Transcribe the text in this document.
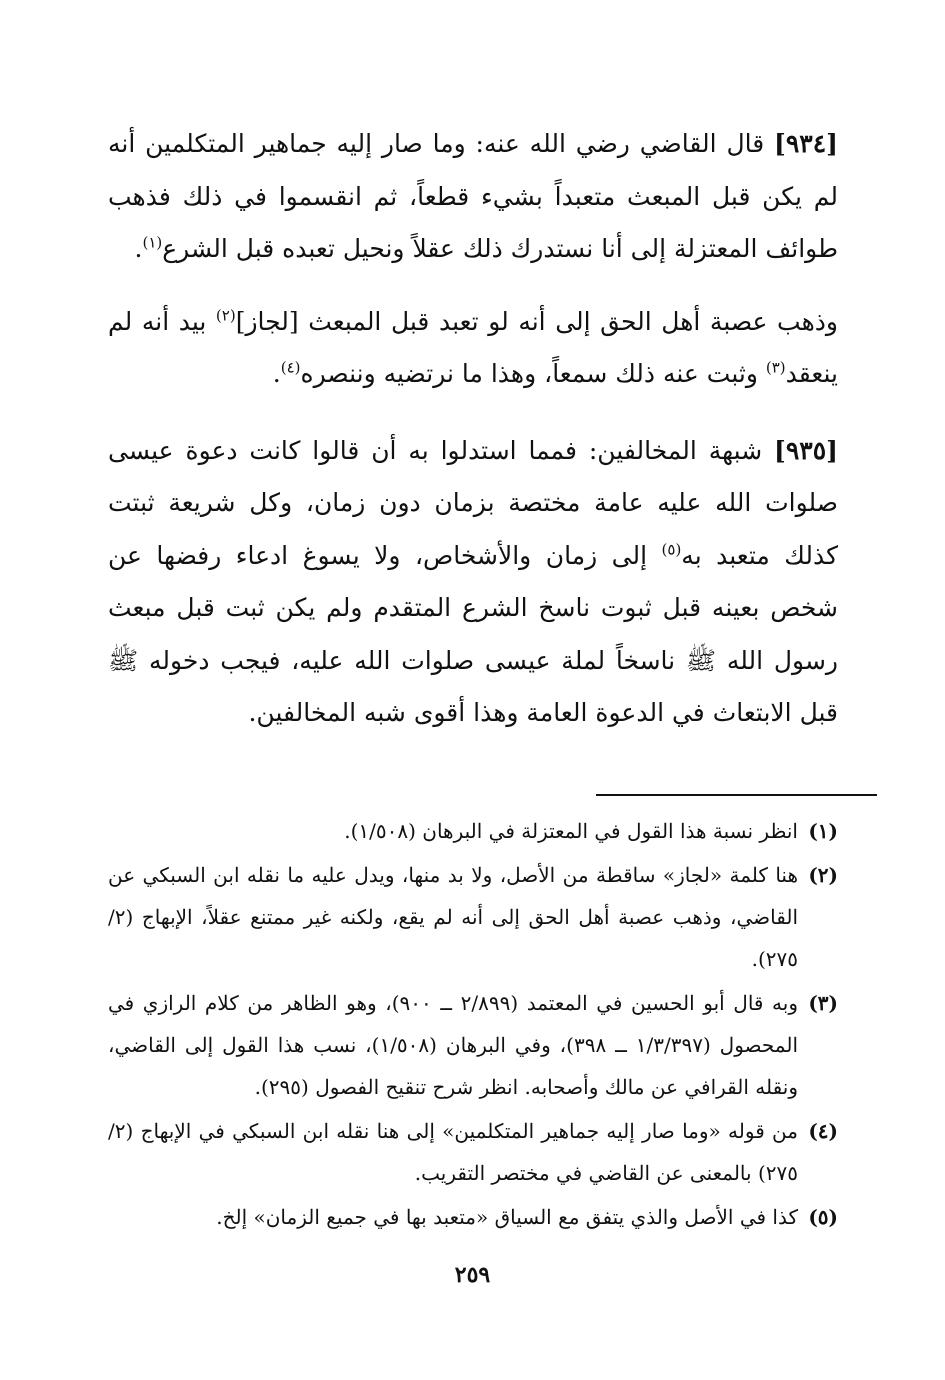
[٩٣٤] قال القاضي رضي الله عنه: وما صار إليه جماهير المتكلمين أنه لم يكن قبل المبعث متعبداً بشيء قطعاً، ثم انقسموا في ذلك فذهب طوائف المعتزلة إلى أنا نستدرك ذلك عقلاً ونحيل تعبده قبل الشرع$^{(١)}$.

وذهب عصبة أهل الحق إلى أنه لو تعبد قبل المبعث [لجاز]$^{(٢)}$ بيد أنه لم ينعقد$^{(٣)}$ وثبت عنه ذلك سمعاً، وهذا ما نرتضيه وننصره$^{(٤)}$.

[٩٣٥] شبهة المخالفين: فمما استدلوا به أن قالوا كانت دعوة عيسى صلوات الله عليه عامة مختصة بزمان دون زمان، وكل شريعة ثبتت كذلك متعبد به$^{(٥)}$ إلى زمان والأشخاص، ولا يسوغ ادعاء رفضها عن شخص بعينه قبل ثبوت ناسخ الشرع المتقدم ولم يكن ثبت قبل مبعث رسول الله ﷺ ناسخاً لملة عيسى صلوات الله عليه، فيجب دخوله ﷺ قبل الابتعاث في الدعوة العامة وهذا أقوى شبه المخالفين.

(١)
انظر نسبة هذا القول في المعتزلة في البرهان (١/٥٠٨).
(٢)
هنا كلمة «لجاز» ساقطة من الأصل، ولا بد منها، ويدل عليه ما نقله ابن السبكي عن القاضي، وذهب عصبة أهل الحق إلى أنه لم يقع، ولكنه غير ممتنع عقلاً، الإبهاج (٢/ ٢٧٥).
(٣)
وبه قال أبو الحسين في المعتمد (٢/٨٩٩ ــ ٩٠٠)، وهو الظاهر من كلام الرازي في المحصول (١/٣/٣٩٧ ــ ٣٩٨)، وفي البرهان (١/٥٠٨)، نسب هذا القول إلى القاضي، ونقله القرافي عن مالك وأصحابه. انظر شرح تنقيح الفصول (٢٩٥).
(٤)
من قوله «وما صار إليه جماهير المتكلمين» إلى هنا نقله ابن السبكي في الإبهاج (٢/ ٢٧٥) بالمعنى عن القاضي في مختصر التقريب.
(٥)
كذا في الأصل والذي يتفق مع السياق «متعبد بها في جميع الزمان» إلخ.
٢٥٩
